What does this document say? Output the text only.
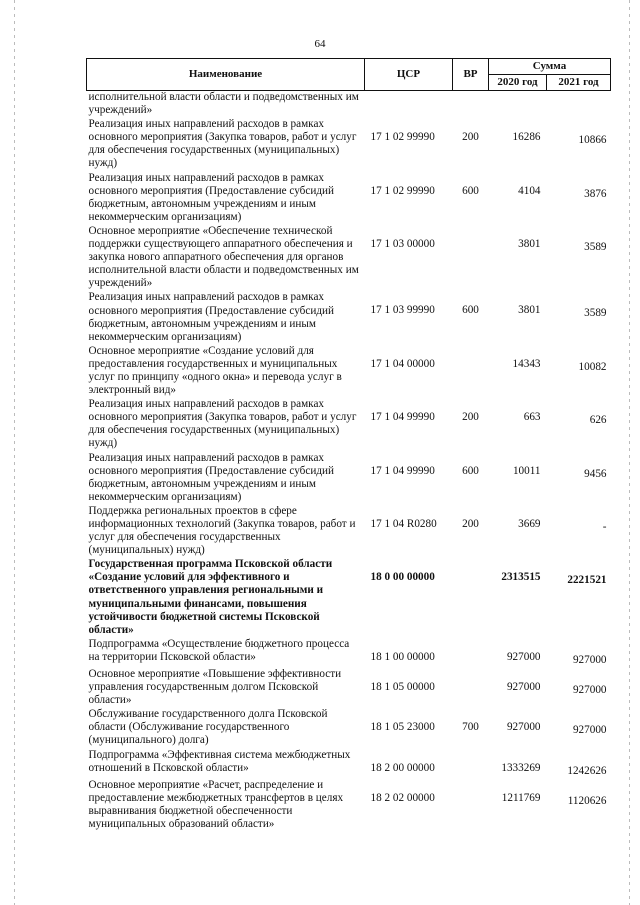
64
Наименование	ЦСР	ВР	Сумма	
			2020 год	2021 год
исполнительной власти области и подведомственных им учреждений»				
Реализация иных направлений расходов в рамках основного мероприятия (Закупка товаров, работ и услуг для обеспечения государственных (муниципальных) нужд)	17 1 02 99990	200	16286	10866
Реализация иных направлений расходов в рамках основного мероприятия (Предоставление субсидий бюджетным, автономным учреждениям и иным некоммерческим организациям)	17 1 02 99990	600	4104	3876
Основное мероприятие «Обеспечение технической поддержки существующего аппаратного обеспечения и закупка нового аппаратного обеспечения для органов исполнительной власти области и подведомственных им учреждений»	17 1 03 00000		3801	3589
Реализация иных направлений расходов в рамках основного мероприятия (Предоставление субсидий бюджетным, автономным учреждениям и иным некоммерческим организациям)	17 1 03 99990	600	3801	3589
Основное мероприятие «Создание условий для предоставления государственных и муниципальных услуг по принципу «одного окна» и перевода услуг в электронный вид»	17 1 04 00000		14343	10082
Реализация иных направлений расходов в рамках основного мероприятия (Закупка товаров, работ и услуг для обеспечения государственных (муниципальных) нужд)	17 1 04 99990	200	663	626
Реализация иных направлений расходов в рамках основного мероприятия (Предоставление субсидий бюджетным, автономным учреждениям и иным некоммерческим организациям)	17 1 04 99990	600	10011	9456
Поддержка региональных проектов в сфере информационных технологий (Закупка товаров, работ и услуг для обеспечения государственных (муниципальных) нужд)	17 1 04 R0280	200	3669	-
Государственная программа Псковской области «Создание условий для эффективного и ответственного управления региональными и муниципальными финансами, повышения устойчивости бюджетной системы Псковской области»	18 0 00 00000		2313515	2221521
Подпрограмма «Осуществление бюджетного процесса на территории Псковской области»	18 1 00 00000		927000	927000
Основное мероприятие «Повышение эффективности управления государственным долгом Псковской области»	18 1 05 00000		927000	927000
Обслуживание государственного долга Псковской области (Обслуживание государственного (муниципального) долга)	18 1 05 23000	700	927000	927000
Подпрограмма «Эффективная система межбюджетных отношений в Псковской области»	18 2 00 00000		1333269	1242626
Основное мероприятие «Расчет, распределение и предоставление межбюджетных трансфертов в целях выравнивания бюджетной обеспеченности муниципальных образований области»	18 2 02 00000		1211769	1120626
